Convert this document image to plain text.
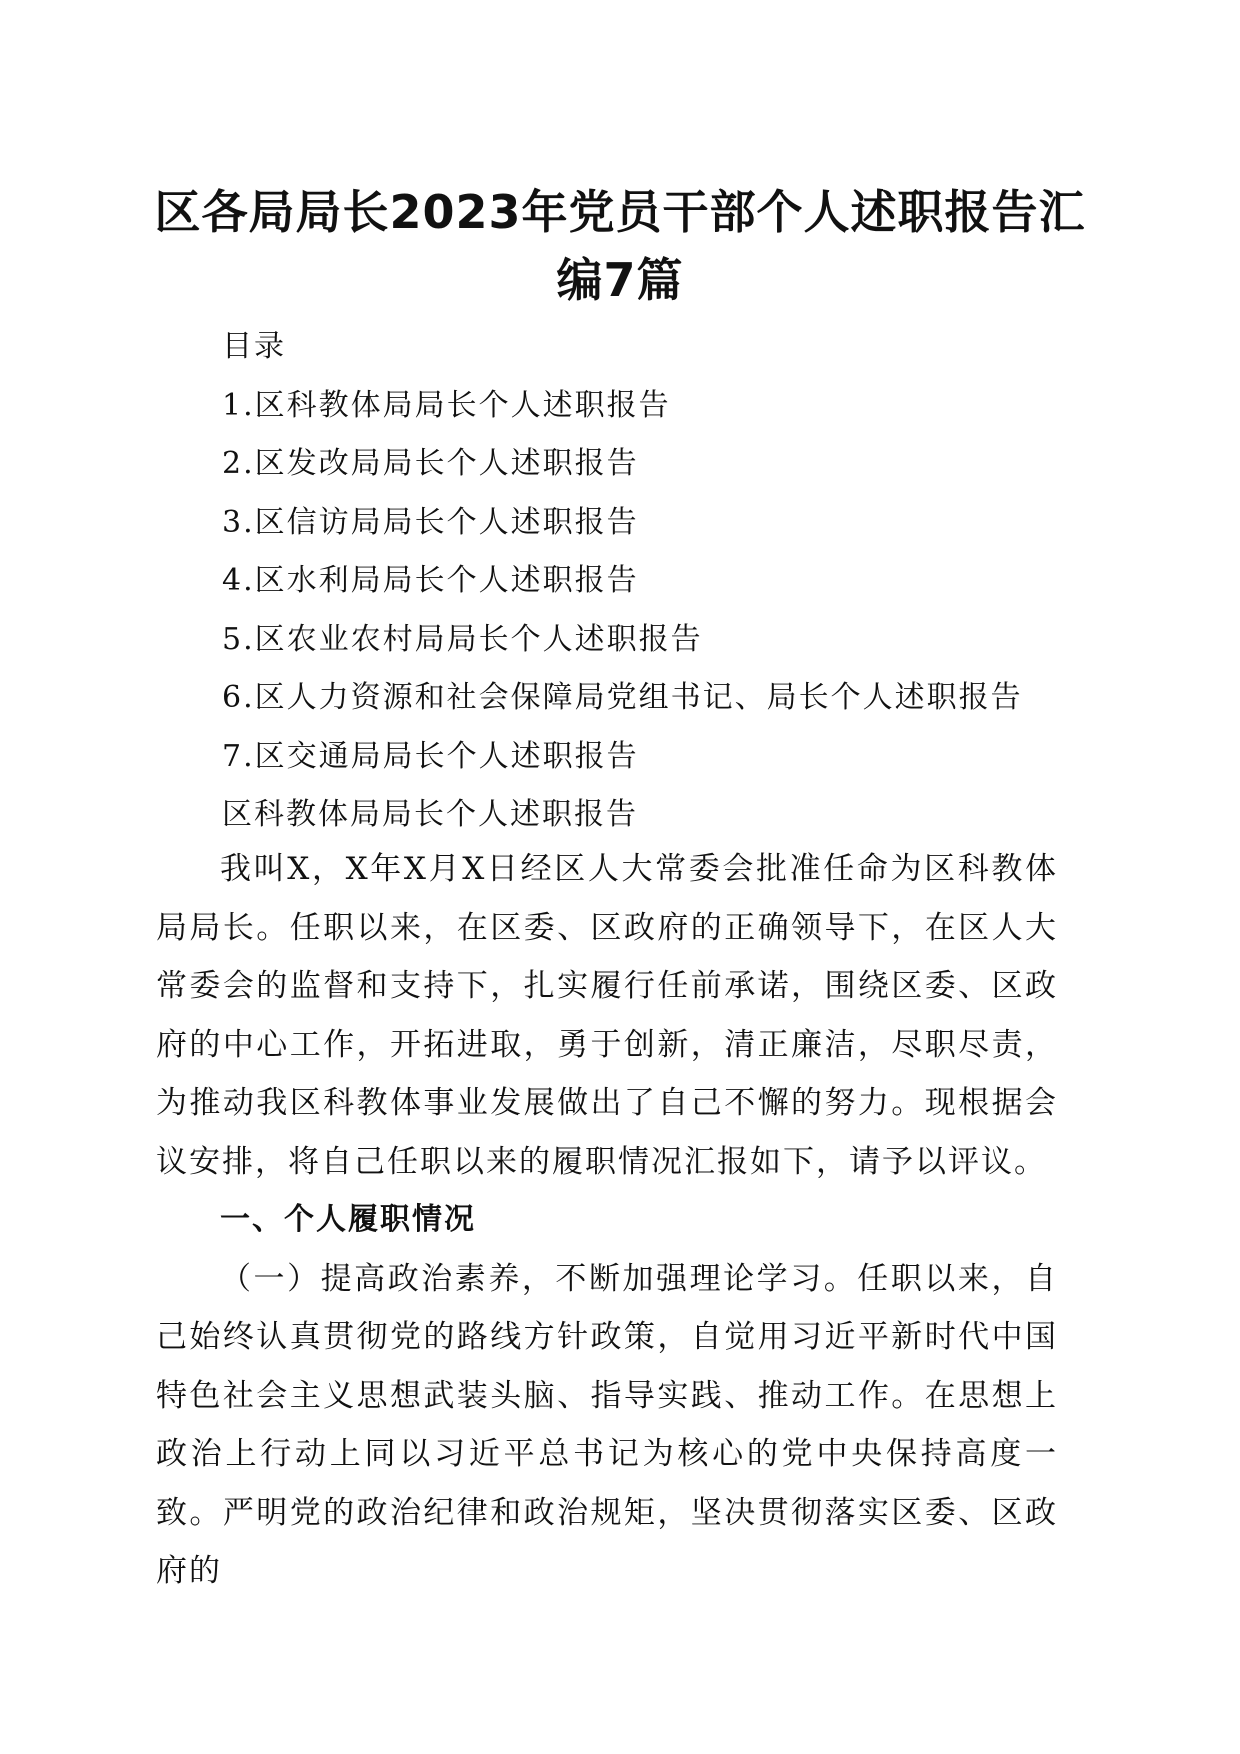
区各局局长2023年党员干部个人述职报告汇编7篇
目录
1.区科教体局局长个人述职报告
2.区发改局局长个人述职报告
3.区信访局局长个人述职报告
4.区水利局局长个人述职报告
5.区农业农村局局长个人述职报告
6.区人力资源和社会保障局党组书记、局长个人述职报告
7.区交通局局长个人述职报告
区科教体局局长个人述职报告

我叫X，X年X月X日经区人大常委会批准任命为区科教体局局长。任职以来，在区委、区政府的正确领导下，在区人大常委会的监督和支持下，扎实履行任前承诺，围绕区委、区政府的中心工作，开拓进取，勇于创新，清正廉洁，尽职尽责，为推动我区科教体事业发展做出了自己不懈的努力。现根据会议安排，将自己任职以来的履职情况汇报如下，请予以评议。

一、个人履职情况

（一）提高政治素养，不断加强理论学习。任职以来，自己始终认真贯彻党的路线方针政策，自觉用习近平新时代中国特色社会主义思想武装头脑、指导实践、推动工作。在思想上政治上行动上同以习近平总书记为核心的党中央保持高度一致。严明党的政治纪律和政治规矩，坚决贯彻落实区委、区政府的
